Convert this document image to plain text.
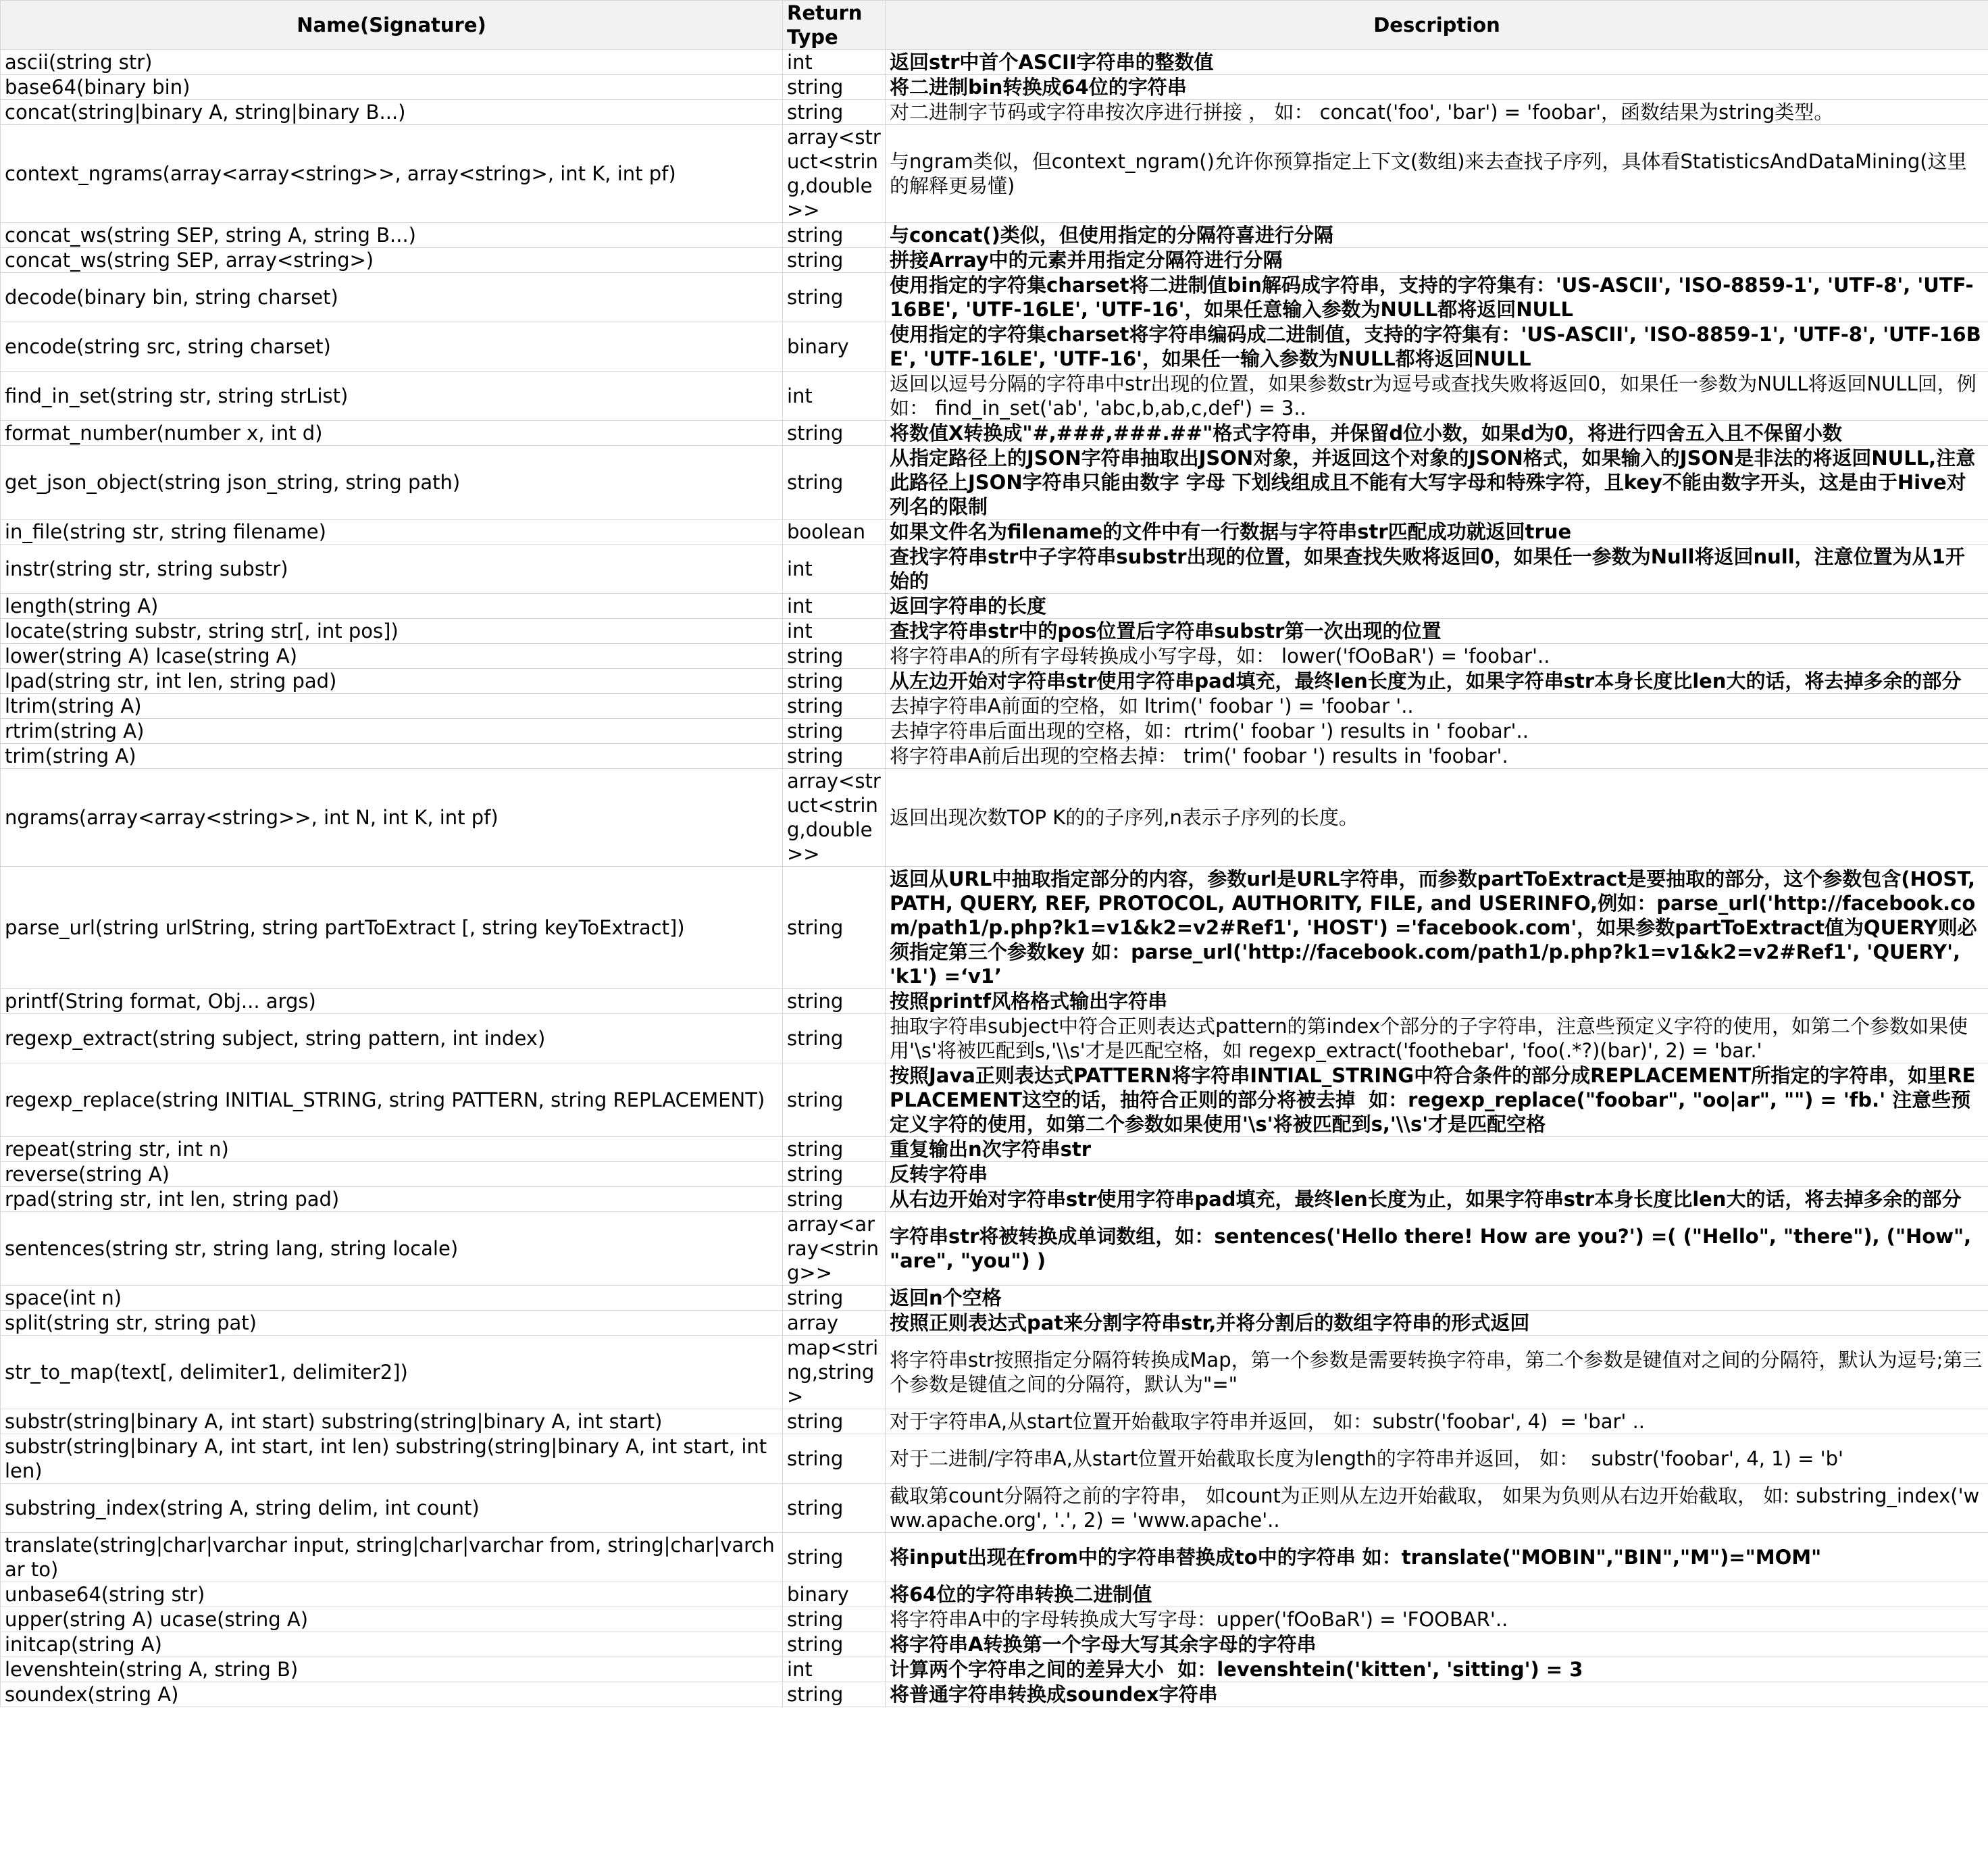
Name(Signature)	Return Type	Description
ascii(string str)	int	返回str中首个ASCII字符串的整数值
base64(binary bin)	string	将二进制bin转换成64位的字符串
concat(string|binary A, string|binary B...)	string	对二进制字节码或字符串按次序进行拼接 ， 如： concat('foo', 'bar') = 'foobar'，函数结果为string类型。
context_ngrams(array<array<string>>, array<string>, int K, int pf)	array<struct<string,double>>	与ngram类似，但context_ngram()允许你预算指定上下文(数组)来去查找子序列，具体看StatisticsAndDataMining(这里的解释更易懂)
concat_ws(string SEP, string A, string B...)	string	与concat()类似，但使用指定的分隔符喜进行分隔
concat_ws(string SEP, array<string>)	string	拼接Array中的元素并用指定分隔符进行分隔
decode(binary bin, string charset)	string	使用指定的字符集charset将二进制值bin解码成字符串，支持的字符集有：'US-ASCII', 'ISO-8859-1', 'UTF-8', 'UTF-16BE', 'UTF-16LE', 'UTF-16'，如果任意输入参数为NULL都将返回NULL
encode(string src, string charset)	binary	使用指定的字符集charset将字符串编码成二进制值，支持的字符集有：'US-ASCII', 'ISO-8859-1', 'UTF-8', 'UTF-16BE', 'UTF-16LE', 'UTF-16'，如果任一输入参数为NULL都将返回NULL
find_in_set(string str, string strList)	int	返回以逗号分隔的字符串中str出现的位置，如果参数str为逗号或查找失败将返回0，如果任一参数为NULL将返回NULL回，例如： find_in_set('ab', 'abc,b,ab,c,def') = 3..
format_number(number x, int d)	string	将数值X转换成"#,###,###.##"格式字符串，并保留d位小数，如果d为0，将进行四舍五入且不保留小数
get_json_object(string json_string, string path)	string	从指定路径上的JSON字符串抽取出JSON对象，并返回这个对象的JSON格式，如果输入的JSON是非法的将返回NULL,注意此路径上JSON字符串只能由数字 字母 下划线组成且不能有大写字母和特殊字符，且key不能由数字开头，这是由于Hive对列名的限制
in_file(string str, string filename)	boolean	如果文件名为filename的文件中有一行数据与字符串str匹配成功就返回true
instr(string str, string substr)	int	查找字符串str中子字符串substr出现的位置，如果查找失败将返回0，如果任一参数为Null将返回null，注意位置为从1开始的
length(string A)	int	返回字符串的长度
locate(string substr, string str[, int pos])	int	查找字符串str中的pos位置后字符串substr第一次出现的位置
lower(string A) lcase(string A)	string	将字符串A的所有字母转换成小写字母，如： lower('fOoBaR') = 'foobar'..
lpad(string str, int len, string pad)	string	从左边开始对字符串str使用字符串pad填充，最终len长度为止，如果字符串str本身长度比len大的话，将去掉多余的部分
ltrim(string A)	string	去掉字符串A前面的空格，如 ltrim(' foobar ') = 'foobar '..
rtrim(string A)	string	去掉字符串后面出现的空格，如：rtrim(' foobar ') results in ' foobar'..
trim(string A)	string	将字符串A前后出现的空格去掉： trim(' foobar ') results in 'foobar'.
ngrams(array<array<string>>, int N, int K, int pf)	array<struct<string,double>>	返回出现次数TOP K的的子序列,n表示子序列的长度。
parse_url(string urlString, string partToExtract [, string keyToExtract])	string	返回从URL中抽取指定部分的内容，参数url是URL字符串，而参数partToExtract是要抽取的部分，这个参数包含(HOST, PATH, QUERY, REF, PROTOCOL, AUTHORITY, FILE, and USERINFO,例如：parse_url('http://facebook.com/path1/p.php?k1=v1&k2=v2#Ref1', 'HOST') ='facebook.com'，如果参数partToExtract值为QUERY则必须指定第三个参数key 如：parse_url('http://facebook.com/path1/p.php?k1=v1&k2=v2#Ref1', 'QUERY', 'k1') =‘v1’
printf(String format, Obj... args)	string	按照printf风格格式输出字符串
regexp_extract(string subject, string pattern, int index)	string	抽取字符串subject中符合正则表达式pattern的第index个部分的子字符串，注意些预定义字符的使用，如第二个参数如果使用'\s'将被匹配到s,'\\s'才是匹配空格，如 regexp_extract('foothebar', 'foo(.*?)(bar)', 2) = 'bar.'
regexp_replace(string INITIAL_STRING, string PATTERN, string REPLACEMENT)	string	按照Java正则表达式PATTERN将字符串INTIAL_STRING中符合条件的部分成REPLACEMENT所指定的字符串，如里REPLACEMENT这空的话，抽符合正则的部分将被去掉  如：regexp_replace("foobar", "oo|ar", "") = 'fb.' 注意些预定义字符的使用，如第二个参数如果使用'\s'将被匹配到s,'\\s'才是匹配空格
repeat(string str, int n)	string	重复输出n次字符串str
reverse(string A)	string	反转字符串
rpad(string str, int len, string pad)	string	从右边开始对字符串str使用字符串pad填充，最终len长度为止，如果字符串str本身长度比len大的话，将去掉多余的部分
sentences(string str, string lang, string locale)	array<array<string>>	字符串str将被转换成单词数组，如：sentences('Hello there! How are you?') =( ("Hello", "there"), ("How", "are", "you") )
space(int n)	string	返回n个空格
split(string str, string pat)	array	按照正则表达式pat来分割字符串str,并将分割后的数组字符串的形式返回
str_to_map(text[, delimiter1, delimiter2])	map<string,string>	将字符串str按照指定分隔符转换成Map，第一个参数是需要转换字符串，第二个参数是键值对之间的分隔符，默认为逗号;第三个参数是键值之间的分隔符，默认为"="
substr(string|binary A, int start) substring(string|binary A, int start)	string	对于字符串A,从start位置开始截取字符串并返回， 如：substr('foobar', 4)  = 'bar' ..
substr(string|binary A, int start, int len) substring(string|binary A, int start, int len)	string	对于二进制/字符串A,从start位置开始截取长度为length的字符串并返回， 如：  substr('foobar', 4, 1) = 'b'
substring_index(string A, string delim, int count)	string	截取第count分隔符之前的字符串， 如count为正则从左边开始截取， 如果为负则从右边开始截取， 如: substring_index('www.apache.org', '.', 2) = 'www.apache'..
translate(string|char|varchar input, string|char|varchar from, string|char|varchar to)	string	将input出现在from中的字符串替换成to中的字符串 如：translate("MOBIN","BIN","M")="MOM"
unbase64(string str)	binary	将64位的字符串转换二进制值
upper(string A) ucase(string A)	string	将字符串A中的字母转换成大写字母：upper('fOoBaR') = 'FOOBAR'..
initcap(string A)	string	将字符串A转换第一个字母大写其余字母的字符串
levenshtein(string A, string B)	int	计算两个字符串之间的差异大小  如：levenshtein('kitten', 'sitting') = 3
soundex(string A)	string	将普通字符串转换成soundex字符串
